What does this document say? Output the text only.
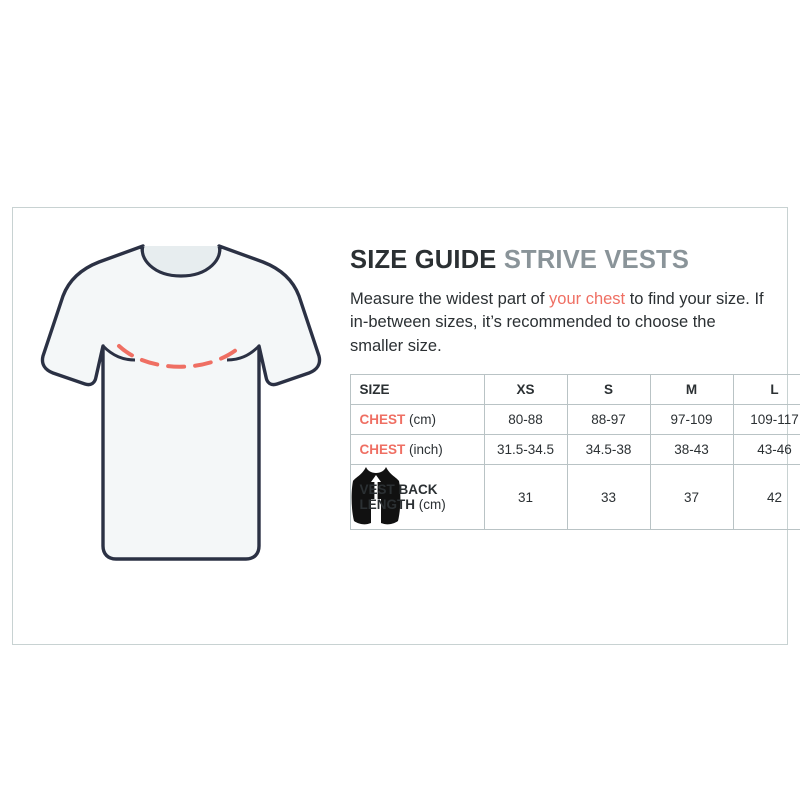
SIZE GUIDE STRIVE VESTS

Measure the widest part of your chest to find your size. If in-between sizes, it’s recommended to choose the smaller size.

	SIZE	XS	S	M	L
	CHEST (cm)	80-88	88-97	97-109	109-117
	CHEST (inch)	31.5-34.5	34.5-38	38-43	43-46
	VEST BACK
LENGTH (cm)	31	33	37	42
